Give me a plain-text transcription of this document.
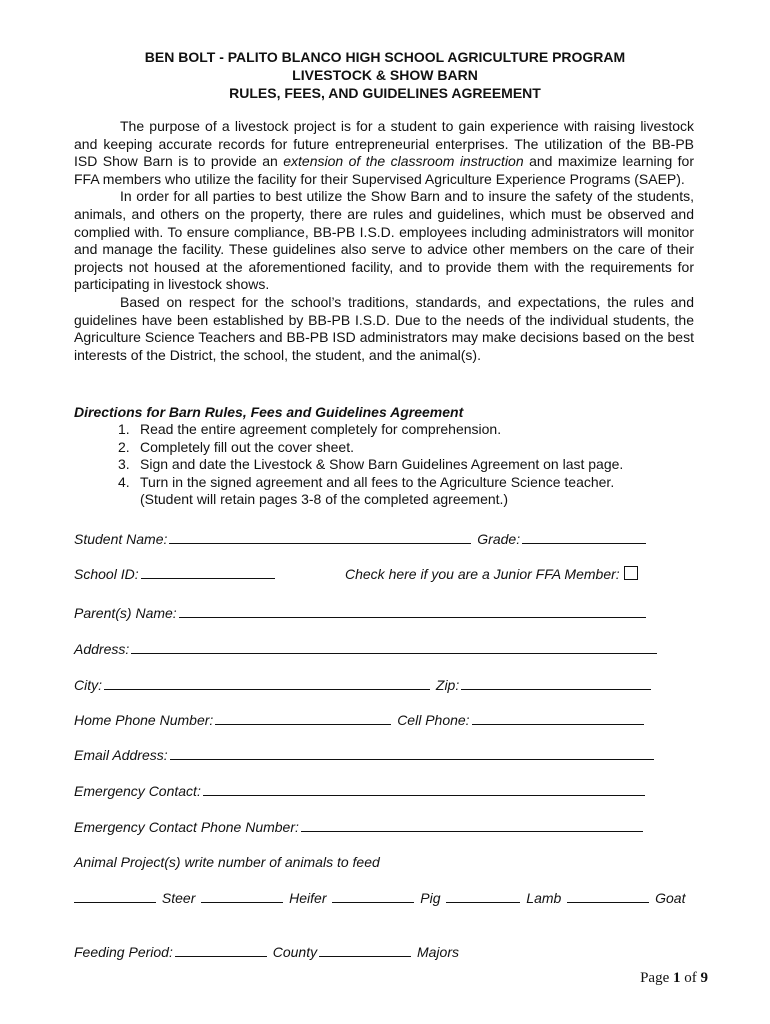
BEN BOLT - PALITO BLANCO HIGH SCHOOL AGRICULTURE PROGRAM
LIVESTOCK & SHOW BARN
RULES, FEES, AND GUIDELINES AGREEMENT

The purpose of a livestock project is for a student to gain experience with raising livestock and keeping accurate records for future entrepreneurial enterprises. The utilization of the BB-PB ISD Show Barn is to provide an extension of the classroom instruction and maximize learning for FFA members who utilize the facility for their Supervised Agriculture Experience Programs (SAEP).

In order for all parties to best utilize the Show Barn and to insure the safety of the students, animals, and others on the property, there are rules and guidelines, which must be observed and complied with. To ensure compliance, BB-PB I.S.D. employees including administrators will monitor and manage the facility. These guidelines also serve to advice other members on the care of their projects not housed at the aforementioned facility, and to provide them with the requirements for participating in livestock shows.

Based on respect for the school’s traditions, standards, and expectations, the rules and guidelines have been established by BB-PB I.S.D. Due to the needs of the individual students, the Agriculture Science Teachers and BB-PB ISD administrators may make decisions based on the best interests of the District, the school, the student, and the animal(s).

Directions for Barn Rules, Fees and Guidelines Agreement
1. Read the entire agreement completely for comprehension.
2. Completely fill out the cover sheet.
3. Sign and date the Livestock & Show Barn Guidelines Agreement on last page.
4. Turn in the signed agreement and all fees to the Agriculture Science teacher.
(Student will retain pages 3-8 of the completed agreement.)
Student Name:	Grade:
School ID:	Check here if you are a Junior FFA Member:
Parent(s) Name:
Address:
City:	Zip:
Home Phone Number:	Cell Phone:
Email Address:
Emergency Contact:
Emergency Contact Phone Number:
Animal Project(s) write number of animals to feed
Steer	Heifer	Pig	Lamb	Goat
Feeding Period:	County	Majors
Page 1 of 9
